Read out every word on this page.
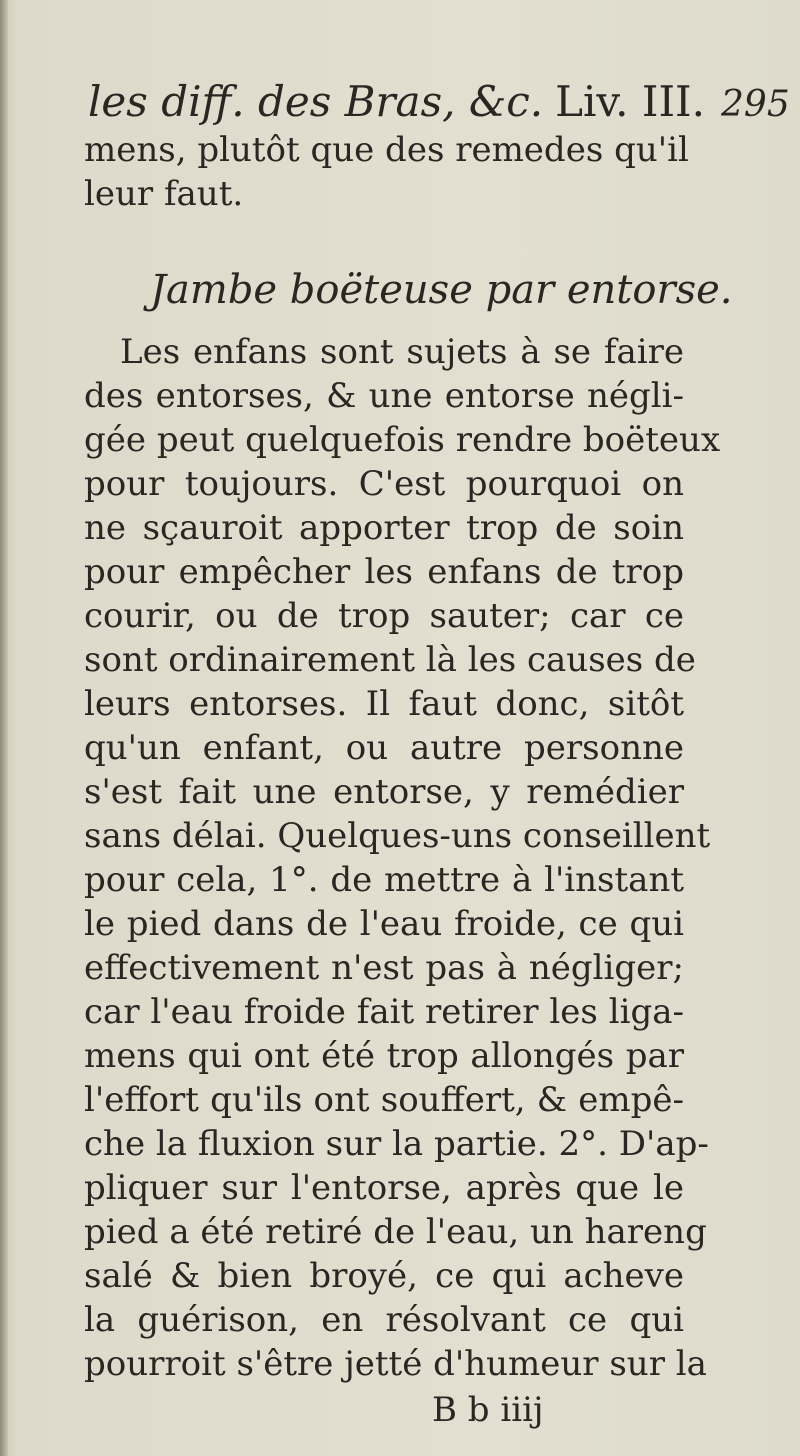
les diff. des Bras, &c. Liv. III. 295
mens, plutôt que des remedes qu'il
leur faut.
Jambe boëteuse par entorse.
Les enfans sont sujets à se faire
des entorses, & une entorse négli-
gée peut quelquefois rendre boëteux
pour toujours. C'est pourquoi on
ne sçauroit apporter trop de soin
pour empêcher les enfans de trop
courir, ou de trop sauter; car ce
sont ordinairement là les causes de
leurs entorses. Il faut donc, sitôt
qu'un enfant, ou autre personne
s'est fait une entorse, y remédier
sans délai. Quelques-uns conseillent
pour cela, 1°. de mettre à l'instant
le pied dans de l'eau froide, ce qui
effectivement n'est pas à négliger;
car l'eau froide fait retirer les liga-
mens qui ont été trop allongés par
l'effort qu'ils ont souffert, & empê-
che la fluxion sur la partie. 2°. D'ap-
pliquer sur l'entorse, après que le
pied a été retiré de l'eau, un hareng
salé & bien broyé, ce qui acheve
la guérison, en résolvant ce qui
pourroit s'être jetté d'humeur sur la
B b iiij
